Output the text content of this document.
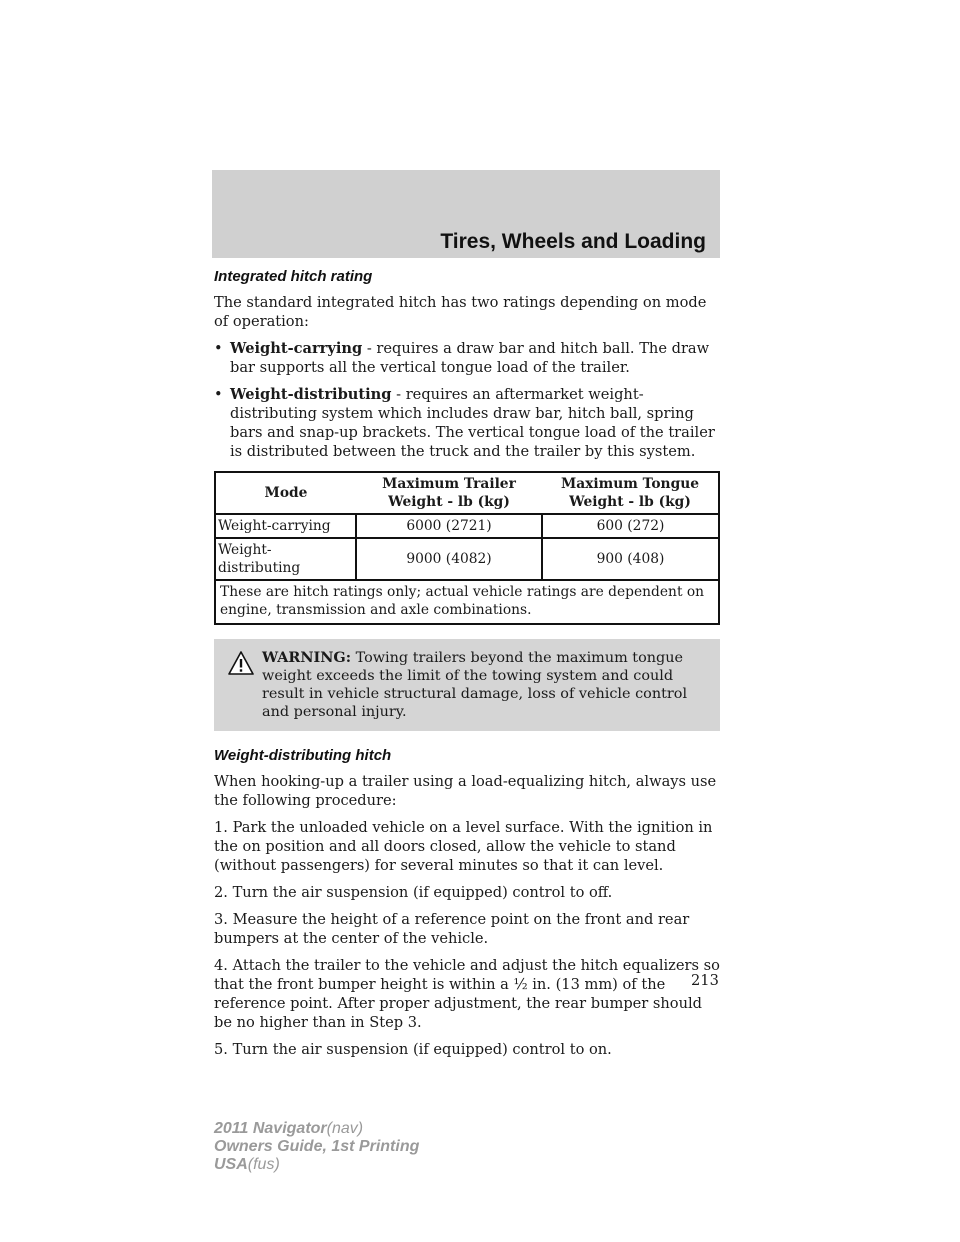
Tires, Wheels and Loading
Integrated hitch rating

The standard integrated hitch has two ratings depending on mode of operation:

• Weight-carrying - requires a draw bar and hitch ball. The draw bar supports all the vertical tongue load of the trailer.
• Weight-distributing - requires an aftermarket weight-distributing system which includes draw bar, hitch ball, spring bars and snap-up brackets. The vertical tongue load of the trailer is distributed between the truck and the trailer by this system.
Mode	Maximum Trailer Weight - lb (kg)	Maximum Tongue Weight - lb (kg)
Weight-carrying	6000 (2721)	600 (272)
Weight-distributing	9000 (4082)	900 (408)
These are hitch ratings only; actual vehicle ratings are dependent on engine, transmission and axle combinations.		
WARNING: Towing trailers beyond the maximum tongue weight exceeds the limit of the towing system and could result in vehicle structural damage, loss of vehicle control and personal injury.
Weight-distributing hitch

When hooking-up a trailer using a load-equalizing hitch, always use the following procedure:

1. Park the unloaded vehicle on a level surface. With the ignition in the on position and all doors closed, allow the vehicle to stand (without passengers) for several minutes so that it can level.

2. Turn the air suspension (if equipped) control to off.

3. Measure the height of a reference point on the front and rear bumpers at the center of the vehicle.

4. Attach the trailer to the vehicle and adjust the hitch equalizers so that the front bumper height is within a ½ in. (13 mm) of the reference point. After proper adjustment, the rear bumper should be no higher than in Step 3.

5. Turn the air suspension (if equipped) control to on.

213
2011 Navigator(nav)
Owners Guide, 1st Printing
USA(fus)
